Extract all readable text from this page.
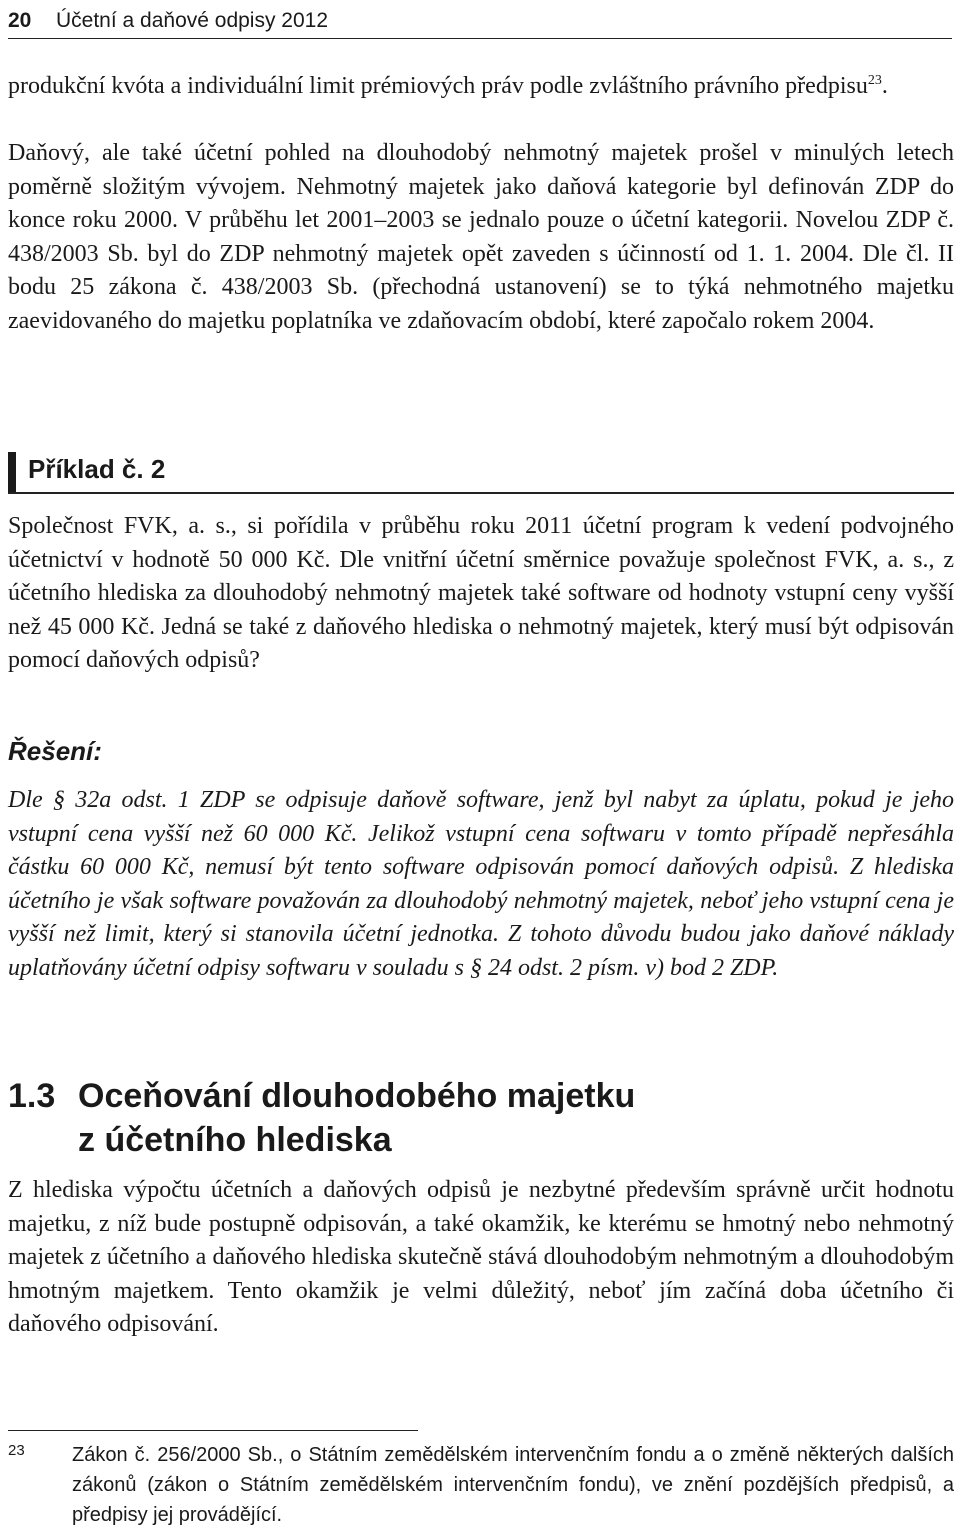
20 Účetní a daňové odpisy 2012

produkční kvóta a individuální limit prémiových práv podle zvláštního právního předpisu$^{23}$.

Daňový, ale také účetní pohled na dlouhodobý nehmotný majetek prošel v minulých letech poměrně složitým vývojem. Nehmotný majetek jako daňová kategorie byl definován ZDP do konce roku 2000. V průběhu let 2001–2003 se jednalo pouze o účetní kategorii. Novelou ZDP č. 438/2003 Sb. byl do ZDP nehmotný majetek opět zaveden s účinností od 1. 1. 2004. Dle čl. II bodu 25 zákona č. 438/2003 Sb. (přechodná ustanovení) se to týká nehmotného majetku zaevidovaného do majetku poplatníka ve zdaňovacím období, které započalo rokem 2004.

Příklad č. 2

Společnost FVK, a. s., si pořídila v průběhu roku 2011 účetní program k vedení podvojného účetnictví v hodnotě 50 000 Kč. Dle vnitřní účetní směrnice považuje společnost FVK, a. s., z účetního hlediska za dlouhodobý nehmotný majetek také software od hodnoty vstupní ceny vyšší než 45 000 Kč. Jedná se také z daňového hlediska o nehmotný majetek, který musí být odpisován pomocí daňových odpisů?

Řešení:

Dle § 32a odst. 1 ZDP se odpisuje daňově software, jenž byl nabyt za úplatu, pokud je jeho vstupní cena vyšší než 60 000 Kč. Jelikož vstupní cena softwaru v tomto případě nepřesáhla částku 60 000 Kč, nemusí být tento software odpisován pomocí daňových odpisů. Z hlediska účetního je však software považován za dlouhodobý nehmotný majetek, neboť jeho vstupní cena je vyšší než limit, který si stanovila účetní jednotka. Z tohoto důvodu budou jako daňové náklady uplatňovány účetní odpisy softwaru v souladu s § 24 odst. 2 písm. v) bod 2 ZDP.

1.3 Oceňování dlouhodobého majetku
z účetního hlediska

Z hlediska výpočtu účetních a daňových odpisů je nezbytné především správně určit hodnotu majetku, z níž bude postupně odpisován, a také okamžik, ke kterému se hmotný nebo nehmotný majetek z účetního a daňového hlediska skutečně stává dlouhodobým nehmotným a dlouhodobým hmotným majetkem. Tento okamžik je velmi důležitý, neboť jím začíná doba účetního či daňového odpisování.

23 Zákon č. 256/2000 Sb., o Státním zemědělském intervenčním fondu a o změně některých dalších zákonů (zákon o Státním zemědělském intervenčním fondu), ve znění pozdějších předpisů, a předpisy jej provádějící.
